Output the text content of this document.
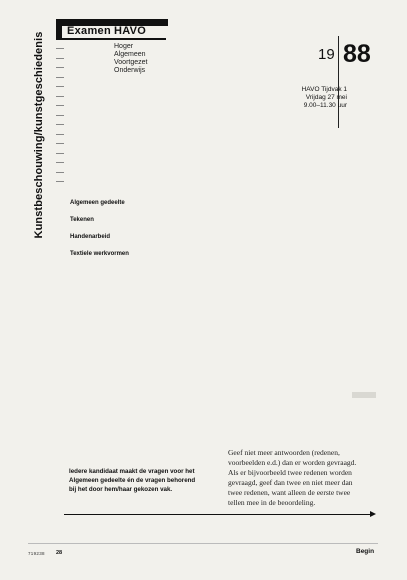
Kunstbeschouwing/kunstgeschiedenis
Examen HAVO
Hoger
Algemeen
Voortgezet
Onderwijs
19 88
HAVO Tijdvak 1
Vrijdag 27 mei
9.00–11.30 uur
Algemeen gedeelte
Tekenen
Handenarbeid
Textiele werkvormen
Iedere kandidaat maakt de vragen voor het Algemeen gedeelte én de vragen behorend bij het door hem/haar gekozen vak.
Geef niet meer antwoorden (redenen, voorbeelden e.d.) dan er worden gevraagd. Als er bijvoorbeeld twee redenen worden gevraagd, geef dan twee en niet meer dan twee redenen, want alleen de eerste twee tellen mee in de beoordeling.
719238 28	Begin
